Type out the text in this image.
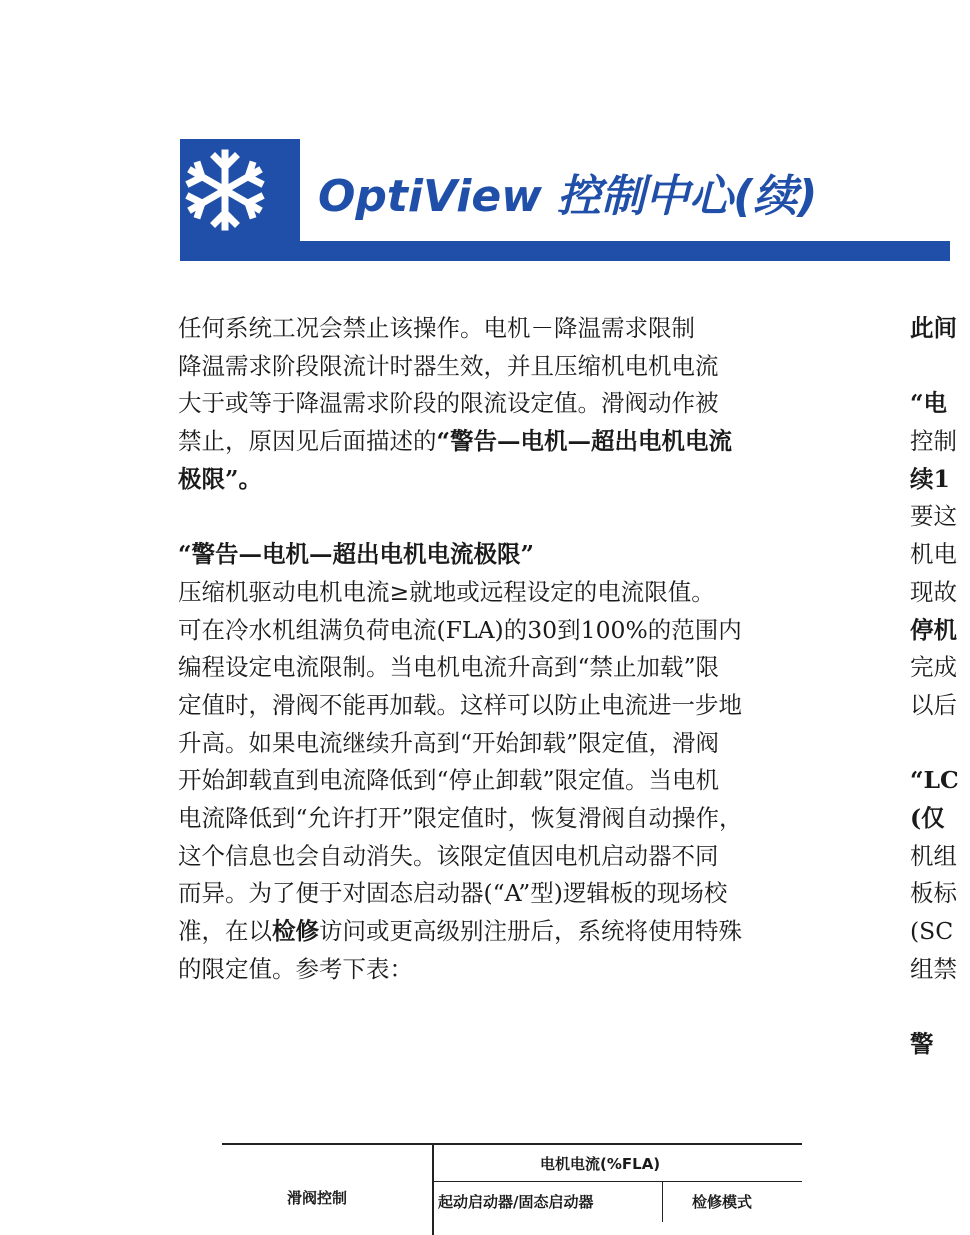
OptiView 控制中心(续)
任何系统工况会禁止该操作。电机－降温需求限制
降温需求阶段限流计时器生效，并且压缩机电机电流
大于或等于降温需求阶段的限流设定值。滑阀动作被
禁止，原因见后面描述的“警告—电机—超出电机电流
极限”。
“警告—电机—超出电机电流极限”
压缩机驱动电机电流≥就地或远程设定的电流限值。
可在冷水机组满负荷电流(FLA)的30到100%的范围内
编程设定电流限制。当电机电流升高到“禁止加载”限
定值时，滑阀不能再加载。这样可以防止电流进一步地
升高。如果电流继续升高到“开始卸载”限定值，滑阀
开始卸载直到电流降低到“停止卸载”限定值。当电机
电流降低到“允许打开”限定值时，恢复滑阀自动操作，
这个信息也会自动消失。该限定值因电机启动器不同
而异。为了便于对固态启动器(“A”型)逻辑板的现场校
准，在以检修访问或更高级别注册后，系统将使用特殊
的限定值。参考下表：
此间
“电
控制
续1
要这
机电
现故
停机
完成
以后
“LC
(仅
机组
板标
(SC
组禁
警
电机电流(%FLA)
滑阀控制	起动启动器/固态启动器	检修模式
